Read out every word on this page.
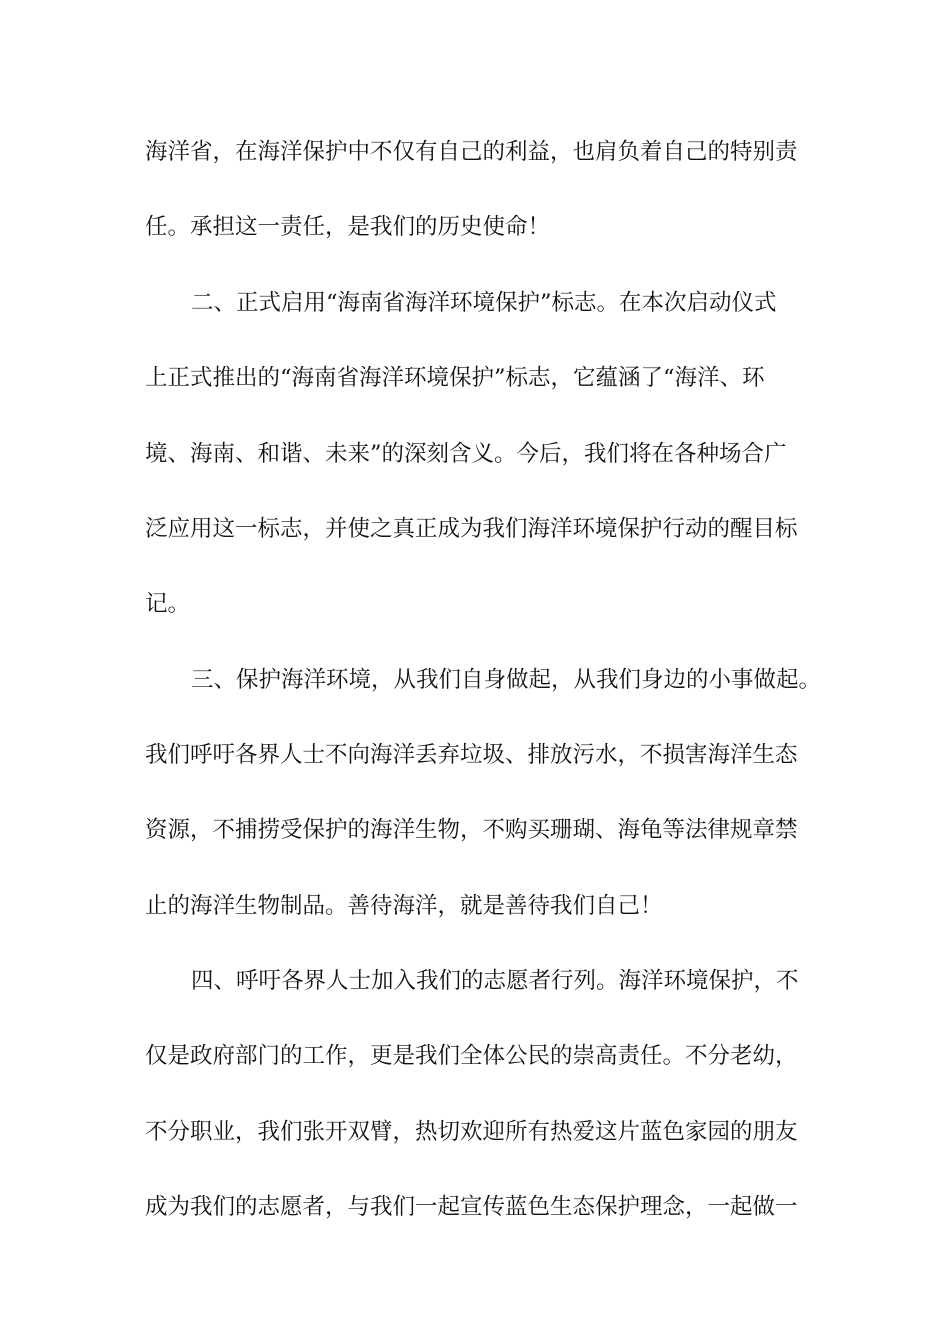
海洋省，在海洋保护中不仅有自己的利益，也肩负着自己的特别责
任。承担这一责任，是我们的历史使命！
二、正式启用“海南省海洋环境保护”标志。在本次启动仪式
上正式推出的“海南省海洋环境保护”标志，它蕴涵了“海洋、环
境、海南、和谐、未来”的深刻含义。今后，我们将在各种场合广
泛应用这一标志，并使之真正成为我们海洋环境保护行动的醒目标
记。
三、保护海洋环境，从我们自身做起，从我们身边的小事做起。
我们呼吁各界人士不向海洋丢弃垃圾、排放污水，不损害海洋生态
资源，不捕捞受保护的海洋生物，不购买珊瑚、海龟等法律规章禁
止的海洋生物制品。善待海洋，就是善待我们自己！
四、呼吁各界人士加入我们的志愿者行列。海洋环境保护，不
仅是政府部门的工作，更是我们全体公民的崇高责任。不分老幼，
不分职业，我们张开双臂，热切欢迎所有热爱这片蓝色家园的朋友
成为我们的志愿者，与我们一起宣传蓝色生态保护理念，一起做一
